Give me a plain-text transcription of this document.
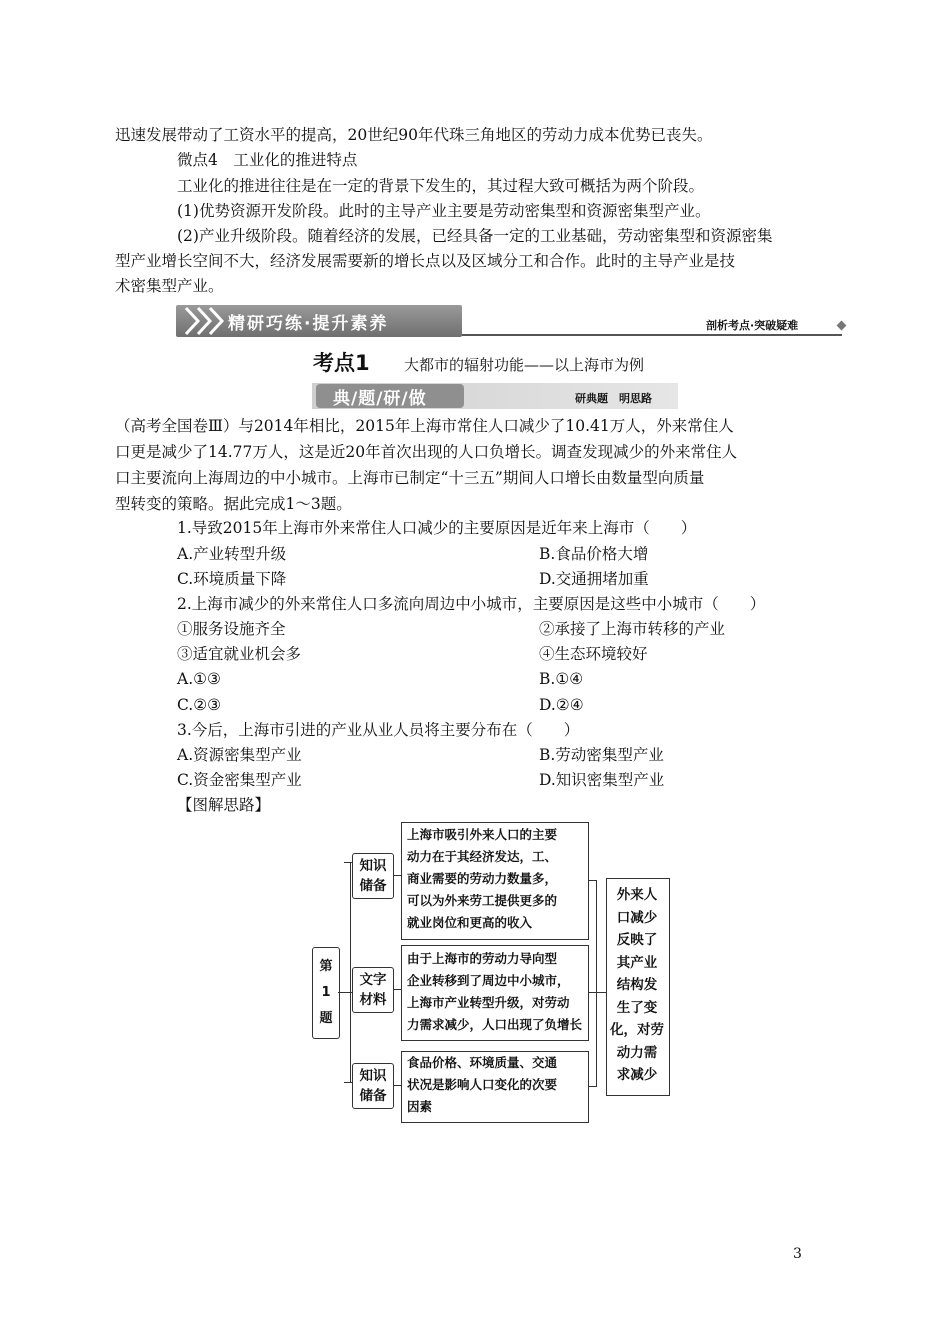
迅速发展带动了工资水平的提高，20世纪90年代珠三角地区的劳动力成本优势已丧失。
微点4　工业化的推进特点
工业化的推进往往是在一定的背景下发生的，其过程大致可概括为两个阶段。
(1)优势资源开发阶段。此时的主导产业主要是劳动密集型和资源密集型产业。
(2)产业升级阶段。随着经济的发展，已经具备一定的工业基础，劳动密集型和资源密集
型产业增长空间不大，经济发展需要新的增长点以及区域分工和合作。此时的主导产业是技
术密集型产业。
精研巧练·提升素养	剖析考点·突破疑难
考点1 大都市的辐射功能——以上海市为例
典/题/研/做	研典题　明思路
（高考全国卷Ⅲ）与2014年相比，2015年上海市常住人口减少了10.41万人，外来常住人
口更是减少了14.77万人，这是近20年首次出现的人口负增长。调查发现减少的外来常住人
口主要流向上海周边的中小城市。上海市已制定“十三五”期间人口增长由数量型向质量
型转变的策略。据此完成1～3题。
1.导致2015年上海市外来常住人口减少的主要原因是近年来上海市（　　）
A.产业转型升级	B.食品价格大增
C.环境质量下降	D.交通拥堵加重
2.上海市减少的外来常住人口多流向周边中小城市，主要原因是这些中小城市（　　）
①服务设施齐全	②承接了上海市转移的产业
③适宜就业机会多	④生态环境较好
A.①③	B.①④
C.②③	D.②④
3.今后，上海市引进的产业从业人员将主要分布在（　　）
A.资源密集型产业	B.劳动密集型产业
C.资金密集型产业	D.知识密集型产业
【图解思路】
第
1
题
知识
储备
上海市吸引外来人口的主要
动力在于其经济发达，工、
商业需要的劳动力数量多，
可以为外来劳工提供更多的
就业岗位和更高的收入
文字
材料
由于上海市的劳动力导向型
企业转移到了周边中小城市，
上海市产业转型升级，对劳动
力需求减少，人口出现了负增长
知识
储备
食品价格、环境质量、交通
状况是影响人口变化的次要
因素
外来人
口减少
反映了
其产业
结构发
生了变
化，对劳
动力需
求减少
3
